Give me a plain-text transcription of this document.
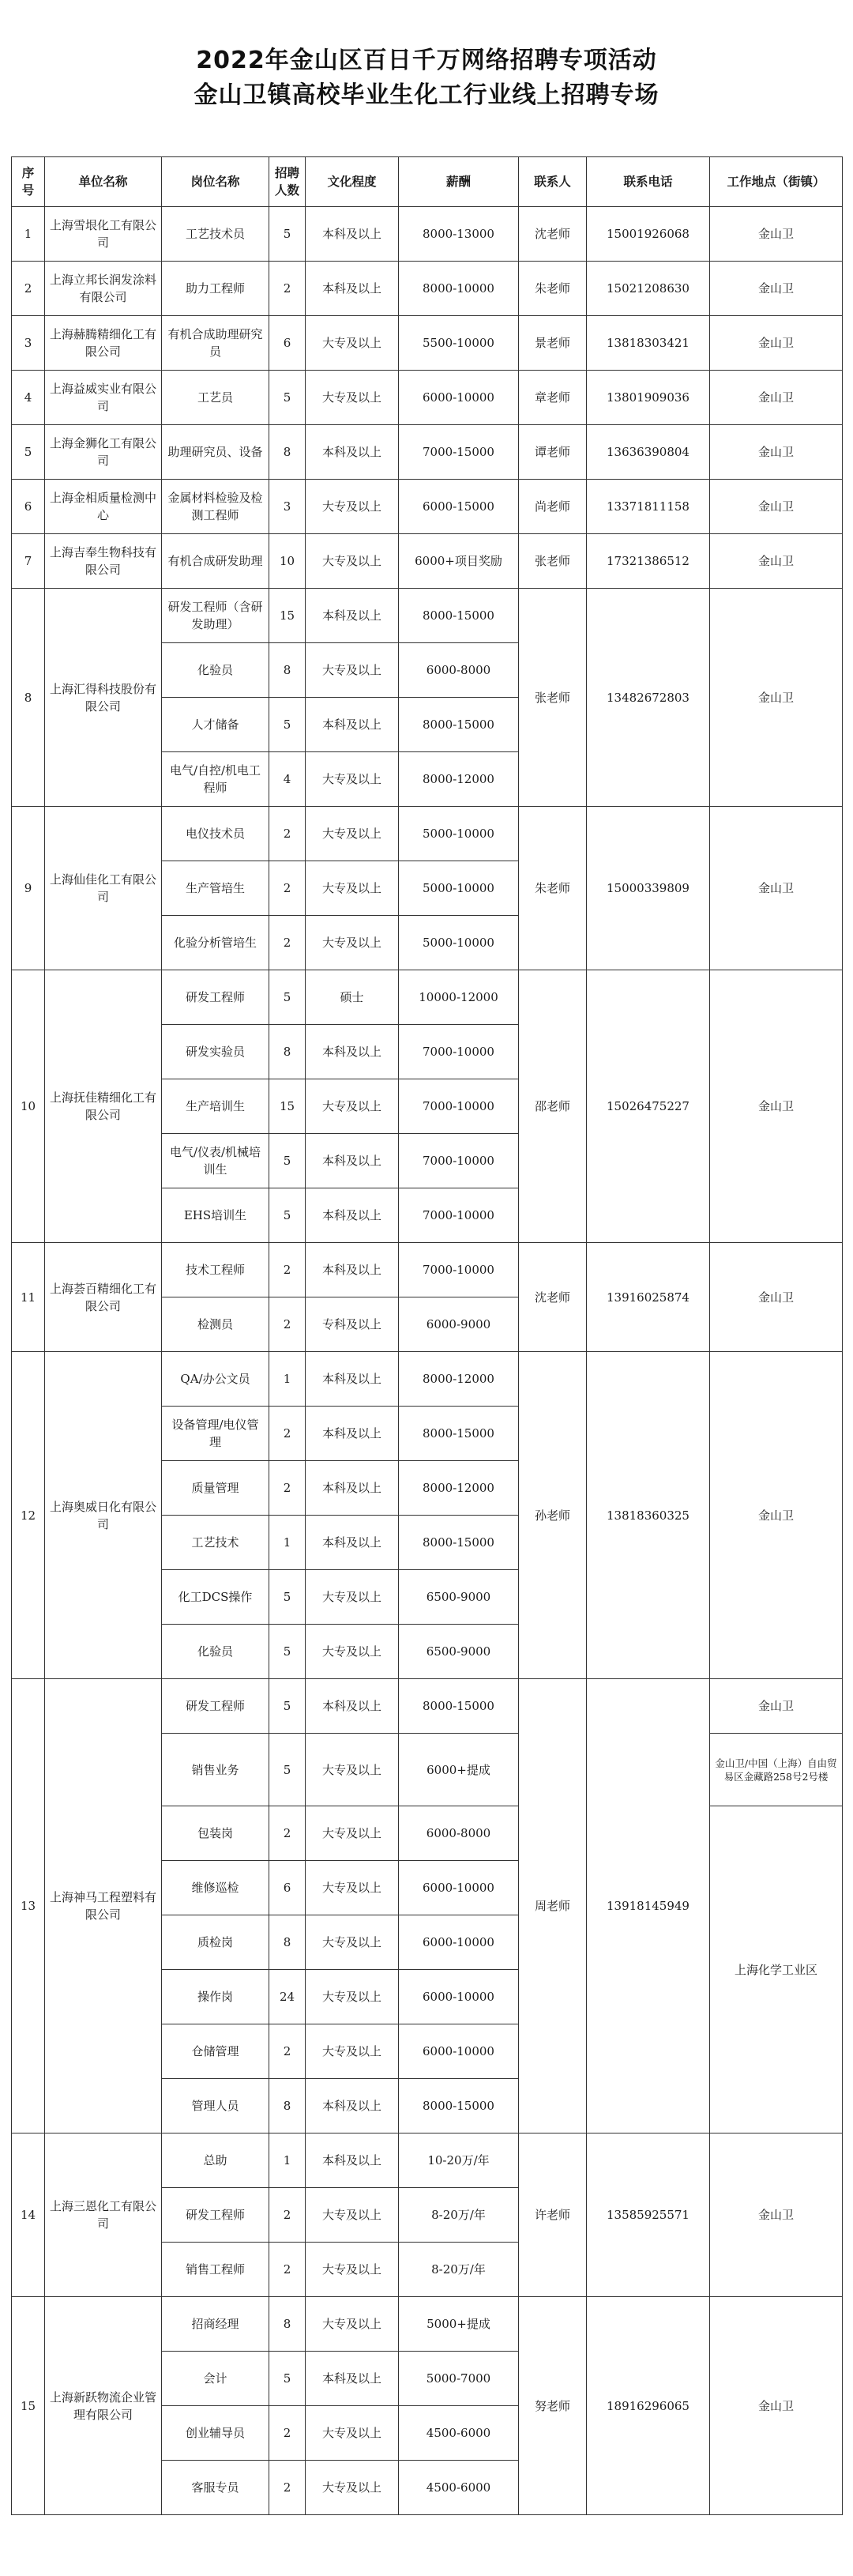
2022年金山区百日千万网络招聘专项活动
金山卫镇高校毕业生化工行业线上招聘专场
序号	单位名称	岗位名称	招聘人数	文化程度	薪酬	联系人	联系电话	工作地点（街镇）
1	上海雪垠化工有限公司	工艺技术员	5	本科及以上	8000-13000	沈老师	15001926068	金山卫
2	上海立邦长润发涂料有限公司	助力工程师	2	本科及以上	8000-10000	朱老师	15021208630	金山卫
3	上海赫腾精细化工有限公司	有机合成助理研究员	6	大专及以上	5500-10000	景老师	13818303421	金山卫
4	上海益威实业有限公司	工艺员	5	大专及以上	6000-10000	章老师	13801909036	金山卫
5	上海金狮化工有限公司	助理研究员、设备	8	本科及以上	7000-15000	谭老师	13636390804	金山卫
6	上海金相质量检测中心	金属材料检验及检测工程师	3	大专及以上	6000-15000	尚老师	13371811158	金山卫
7	上海吉奉生物科技有限公司	有机合成研发助理	10	大专及以上	6000+项目奖励	张老师	17321386512	金山卫
8	上海汇得科技股份有限公司	研发工程师（含研发助理）	15	本科及以上	8000-15000	张老师	13482672803	金山卫
		化验员	8	大专及以上	6000-8000			
		人才储备	5	本科及以上	8000-15000			
		电气/自控/机电工程师	4	大专及以上	8000-12000			
9	上海仙佳化工有限公司	电仪技术员	2	大专及以上	5000-10000	朱老师	15000339809	金山卫
		生产管培生	2	大专及以上	5000-10000			
		化验分析管培生	2	大专及以上	5000-10000			
10	上海抚佳精细化工有限公司	研发工程师	5	硕士	10000-12000	邵老师	15026475227	金山卫
		研发实验员	8	本科及以上	7000-10000			
		生产培训生	15	大专及以上	7000-10000			
		电气/仪表/机械培训生	5	本科及以上	7000-10000			
		EHS培训生	5	本科及以上	7000-10000			
11	上海荟百精细化工有限公司	技术工程师	2	本科及以上	7000-10000	沈老师	13916025874	金山卫
		检测员	2	专科及以上	6000-9000			
12	上海奥威日化有限公司	QA/办公文员	1	本科及以上	8000-12000	孙老师	13818360325	金山卫
		设备管理/电仪管理	2	本科及以上	8000-15000			
		质量管理	2	本科及以上	8000-12000			
		工艺技术	1	本科及以上	8000-15000			
		化工DCS操作	5	大专及以上	6500-9000			
		化验员	5	大专及以上	6500-9000			
13	上海神马工程塑料有限公司	研发工程师	5	本科及以上	8000-15000	周老师	13918145949	金山卫
		销售业务	5	大专及以上	6000+提成			金山卫/中国（上海）自由贸易区金藏路258号2号楼
		包装岗	2	大专及以上	6000-8000			上海化学工业区
		维修巡检	6	大专及以上	6000-10000			
		质检岗	8	大专及以上	6000-10000			
		操作岗	24	大专及以上	6000-10000			
		仓储管理	2	大专及以上	6000-10000			
		管理人员	8	本科及以上	8000-15000			
14	上海三恩化工有限公司	总助	1	本科及以上	10-20万/年	许老师	13585925571	金山卫
		研发工程师	2	大专及以上	8-20万/年			
		销售工程师	2	大专及以上	8-20万/年			
15	上海新跃物流企业管理有限公司	招商经理	8	大专及以上	5000+提成	努老师	18916296065	金山卫
		会计	5	本科及以上	5000-7000			
		创业辅导员	2	大专及以上	4500-6000			
		客服专员	2	大专及以上	4500-6000			
